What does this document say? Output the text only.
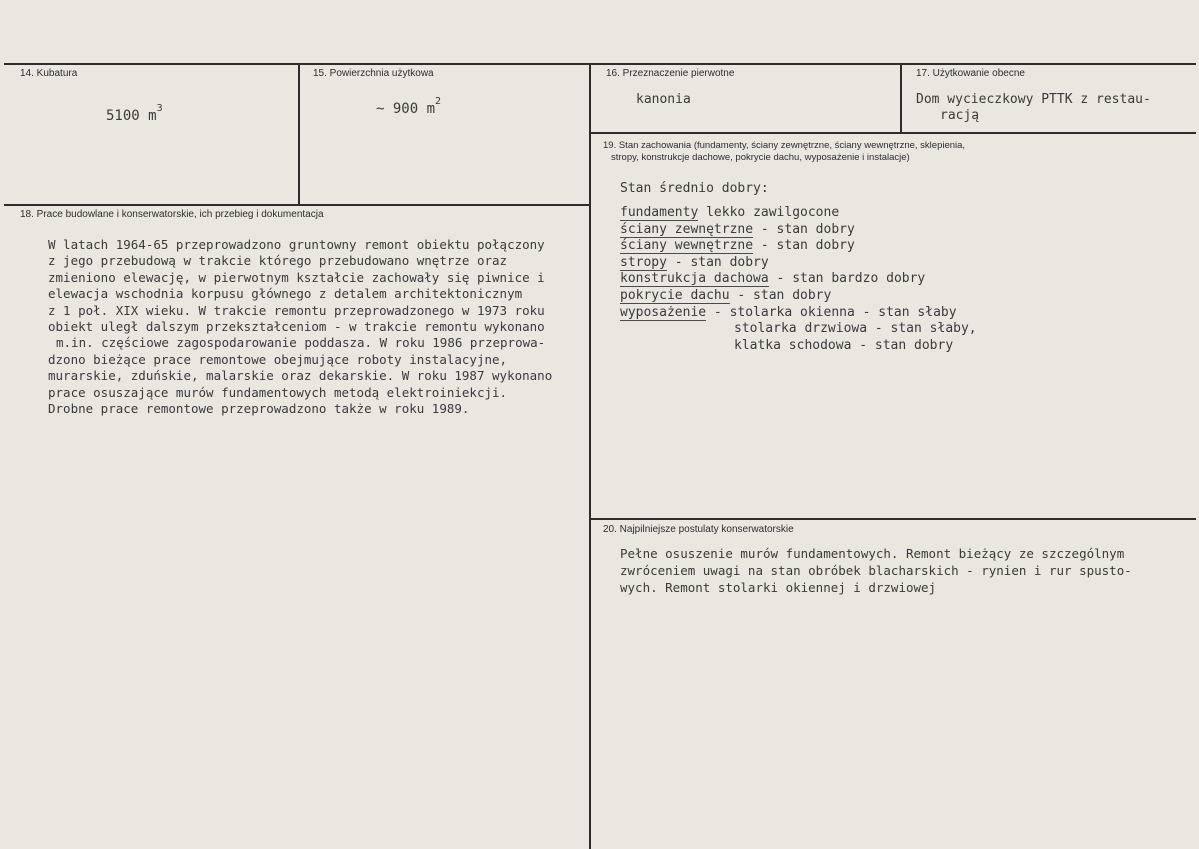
14. Kubatura
5100 $m^3$
15. Powierzchnia użytkowa
~ 900 $m^2$
16. Przeznaczenie pierwotne
kanonia
17. Użytkowanie obecne
Dom wycieczkowy PTTK z restau-
racją
18. Prace budowlane i konserwatorskie, ich przebieg i dokumentacja
W latach 1964-65 przeprowadzono gruntowny remont obiektu połączony
z jego przebudową w trakcie którego przebudowano wnętrze oraz
zmieniono elewację, w pierwotnym kształcie zachowały się piwnice i
elewacja wschodnia korpusu głównego z detalem architektonicznym
z 1 poł. XIX wieku. W trakcie remontu przeprowadzonego w 1973 roku
obiekt uległ dalszym przekształceniom - w trakcie remontu wykonano
m.in. częściowe zagospodarowanie poddasza. W roku 1986 przeprowa-
dzono bieżące prace remontowe obejmujące roboty instalacyjne,
murarskie, zduńskie, malarskie oraz dekarskie. W roku 1987 wykonano
prace osuszające murów fundamentowych metodą elektroiniekcji.
Drobne prace remontowe przeprowadzono także w roku 1989.
19. Stan zachowania (fundamenty, ściany zewnętrzne, ściany wewnętrzne, sklepienia,
stropy, konstrukcje dachowe, pokrycie dachu, wyposażenie i instalacje)
Stan średnio dobry:
fundamenty lekko zawilgocone
ściany zewnętrzne - stan dobry
ściany wewnętrzne - stan dobry
stropy - stan dobry
konstrukcja dachowa - stan bardzo dobry
pokrycie dachu - stan dobry
wyposażenie - stolarka okienna - stan słaby
stolarka drzwiowa - stan słaby,
klatka schodowa - stan dobry
20. Najpilniejsze postulaty konserwatorskie
Pełne osuszenie murów fundamentowych. Remont bieżący ze szczególnym
zwróceniem uwagi na stan obróbek blacharskich - rynien i rur spusto-
wych. Remont stolarki okiennej i drzwiowej
